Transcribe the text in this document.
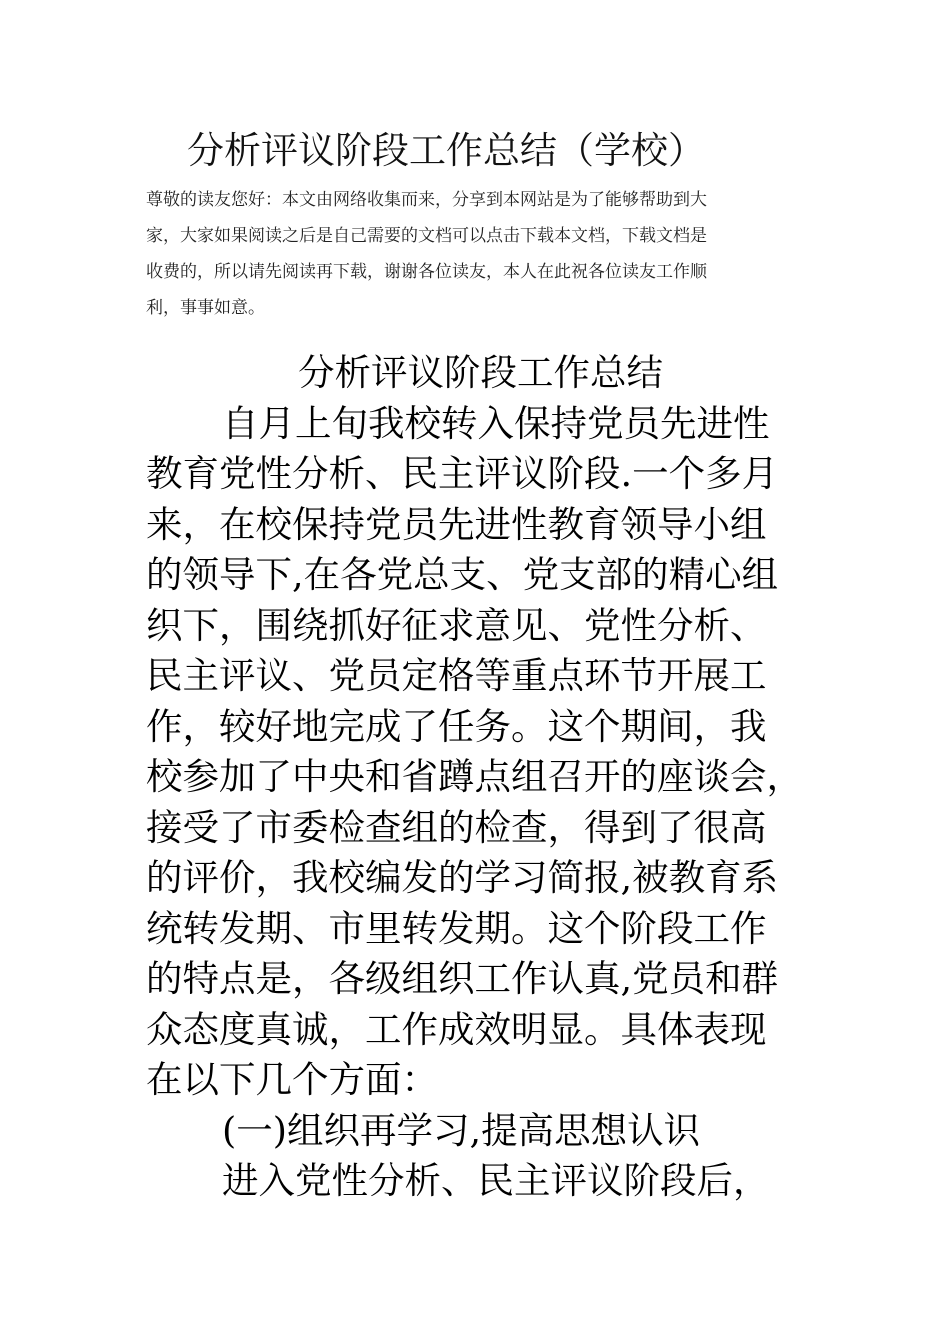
分析评议阶段工作总结（学校）
尊敬的读友您好：本文由网络收集而来，分享到本网站是为了能够帮助到大
家，大家如果阅读之后是自己需要的文档可以点击下载本文档，下载文档是
收费的，所以请先阅读再下载，谢谢各位读友，本人在此祝各位读友工作顺
利，事事如意。
分析评议阶段工作总结
自月上旬我校转入保持党员先进性
教育党性分析、民主评议阶段.一个多月
来，在校保持党员先进性教育领导小组
的领导下,在各党总支、党支部的精心组
织下，围绕抓好征求意见、党性分析、
民主评议、党员定格等重点环节开展工
作，较好地完成了任务。这个期间，我
校参加了中央和省蹲点组召开的座谈会，
接受了市委检查组的检查，得到了很高
的评价，我校编发的学习简报,被教育系
统转发期、市里转发期。这个阶段工作
的特点是，各级组织工作认真,党员和群
众态度真诚，工作成效明显。具体表现
在以下几个方面：
(一)组织再学习,提高思想认识
进入党性分析、民主评议阶段后，
